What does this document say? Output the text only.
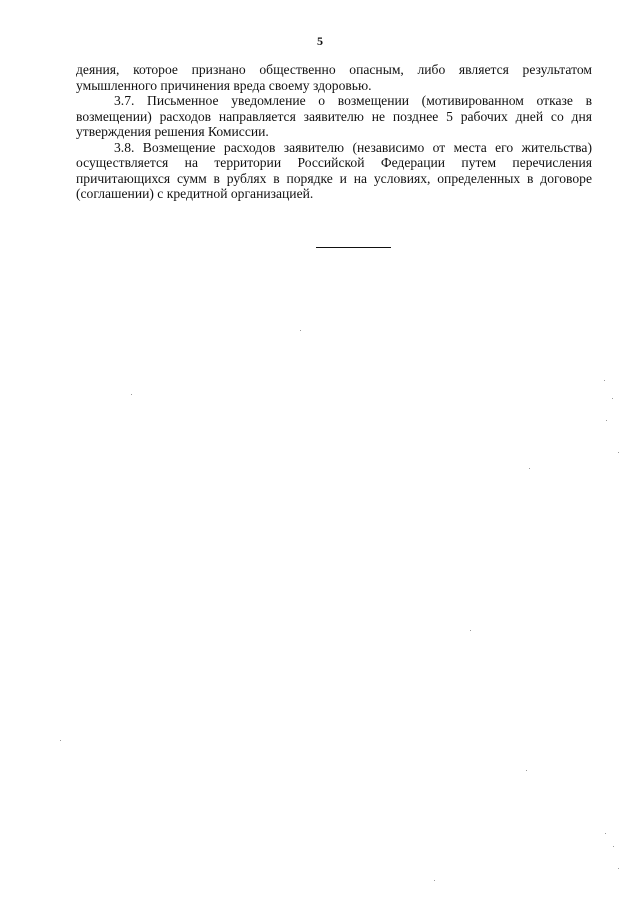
5

деяния, которое признано общественно опасным, либо является результатом умышленного причинения вреда своему здоровью.

3.7. Письменное уведомление о возмещении (мотивированном отказе в возмещении) расходов направляется заявителю не позднее 5 рабочих дней со дня утверждения решения Комиссии.

3.8. Возмещение расходов заявителю (независимо от места его жительства) осуществляется на территории Российской Федерации путем перечисления причитающихся сумм в рублях в порядке и на условиях, определенных в договоре (соглашении) с кредитной организацией.
